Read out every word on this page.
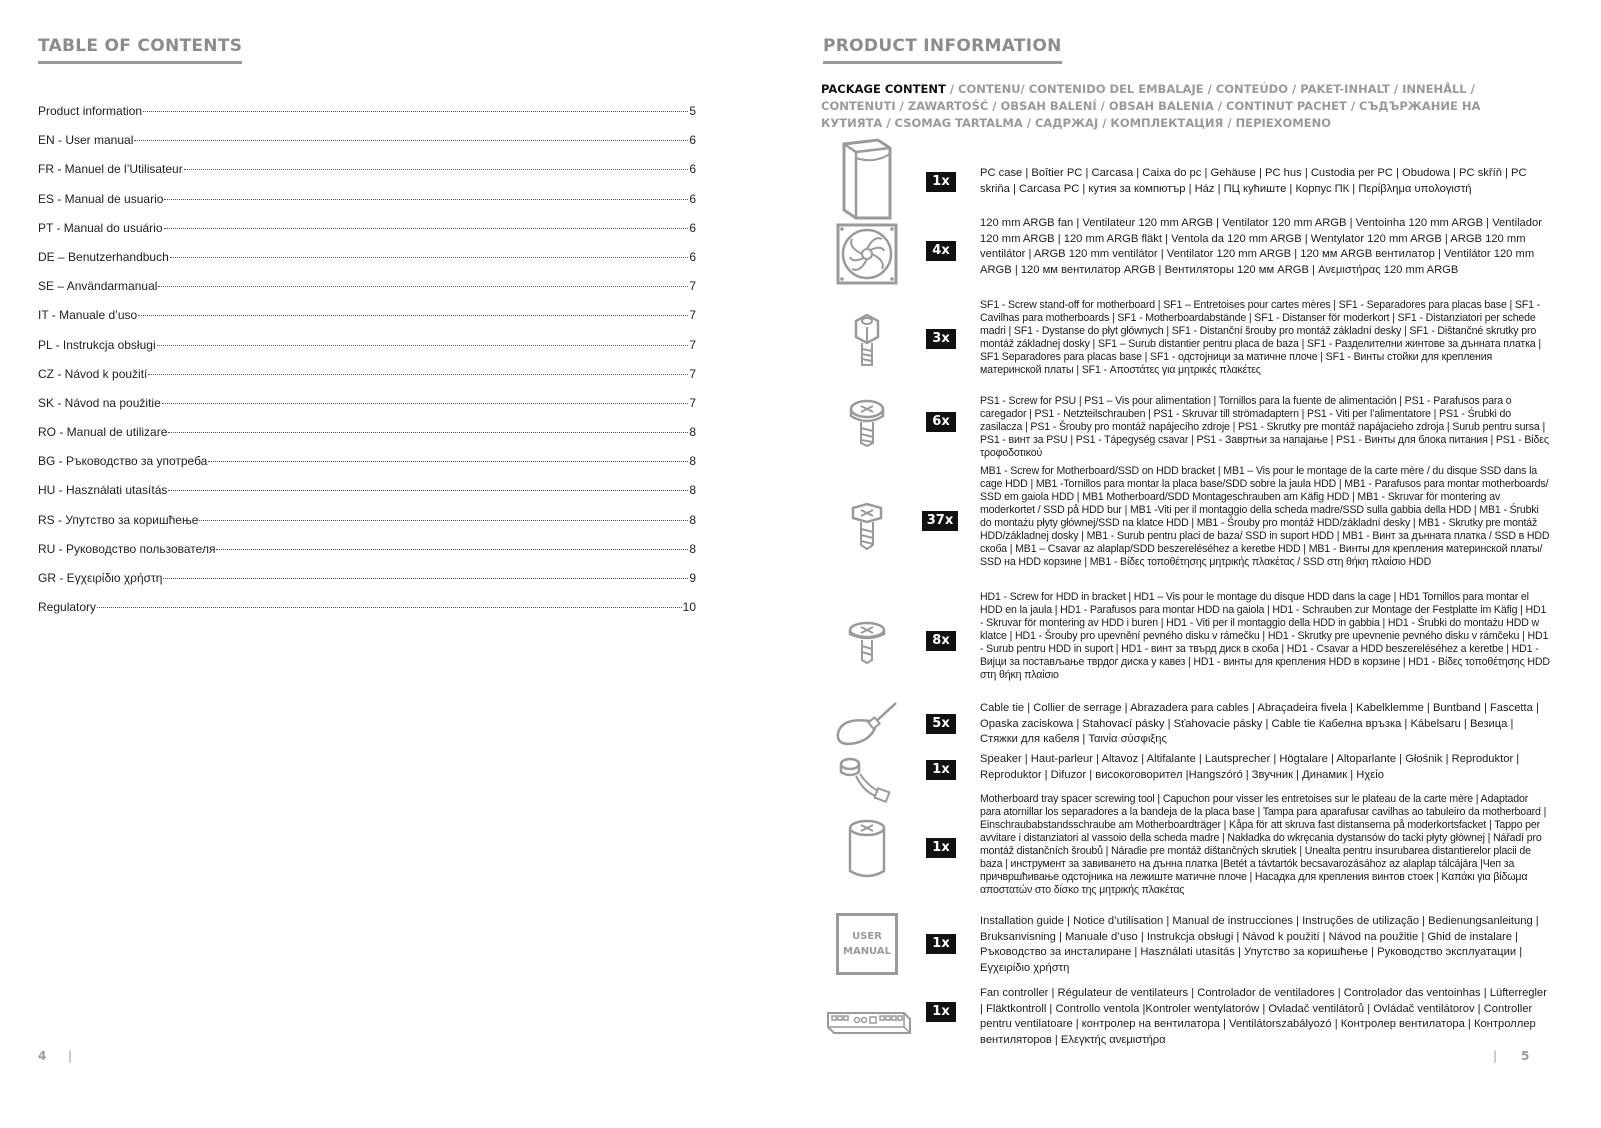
TABLE OF CONTENTS
Product information	5
EN - User manual	6
FR - Manuel de l’Utilisateur	6
ES - Manual de usuario	6
PT - Manual do usuário	6
DE – Benutzerhandbuch	6
SE – Användarmanual	7
IT - Manuale d’uso	7
PL - Instrukcja obsługi	7
CZ - Návod k použití	7
SK - Návod na použitie	7
RO - Manual de utilizare	8
BG - Ръководство за употреба	8
HU - Használati utasítás	8
RS - Упутство за коришћење	8
RU - Руководство пользователя	8
GR - Εγχειρίδιο χρήστη	9
Regulatory	10
4 |
PRODUCT INFORMATION

PACKAGE CONTENT / CONTENU/ CONTENIDO DEL EMBALAJE / CONTEÚDO / PAKET-INHALT / INNEHÅLL / CONTENUTI / ZAWARTOŚĆ / OBSAH BALENÍ / OBSAH BALENIA / CONTINUT PACHET / СЪДЪРЖАНИЕ НА КУТИЯТА / CSOMAG TARTALMA / САДРЖАЈ / КОМПЛЕКТАЦИЯ / ΠΕΡΙΕΧΟΜΕΝΟ

1x

PC case | Boîtier PC | Carcasa | Caixa do pc | Gehäuse | PC hus | Custodia per PC | Obudowa | PC skříň | PC skriňa | Carcasa PC | кутия за компютър | Ház | ПЦ кућиште | Корпус ПК | Περίβλημα υπολογιστή

4x

120 mm ARGB fan | Ventilateur 120 mm ARGB | Ventilator 120 mm ARGB | Ventoinha 120 mm ARGB | Ventilador 120 mm ARGB | 120 mm ARGB fläkt | Ventola da 120 mm ARGB | Wentylator 120 mm ARGB | ARGB 120 mm ventilátor | ARGB 120 mm ventilátor | Ventilator 120 mm ARGB | 120 мм ARGB вентилатор | Ventilátor 120 mm ARGB | 120 мм вентилатор ARGB | Вентиляторы 120 мм ARGB | Ανεμιστήρας 120 mm ARGB

3x

SF1 - Screw stand-off for motherboard | SF1 – Entretoises pour cartes mères | SF1 - Separadores para placas base | SF1 - Cavilhas para motherboards | SF1 - Motherboardabstände | SF1 - Distanser för moderkort | SF1 - Distanziatori per schede madri | SF1 - Dystanse do płyt głównych | SF1 - Distanční šrouby pro montáž základní desky | SF1 - Dištančné skrutky pro montáž základnej dosky | SF1 – Surub distantier pentru placa de baza | SF1 - Разделителни жинтове за дънната платка | SF1 Separadores para placas base | SF1 - одстојници за матичне плоче | SF1 - Винты стойки для крепления материнской платы | SF1 - Αποστάτες για μητρικές πλακέτες

6x

PS1 - Screw for PSU | PS1 – Vis pour alimentation | Tornillos para la fuente de alimentación | PS1 - Parafusos para o caregador | PS1 - Netzteilschrauben | PS1 - Skruvar till strömadaptern | PS1 - Viti per l’alimentatore | PS1 - Śrubki do zasilacza | PS1 - Šrouby pro montáž napájecího zdroje | PS1 - Skrutky pre montáž napájacieho zdroja | Surub pentru sursa | PS1 - винт за PSU | PS1 - Tápegység csavar | PS1 - Завртњи за напајање | PS1 - Винты для блока питания | PS1 - Βίδες τροφοδοτικού

37x

MB1 - Screw for Motherboard/SSD on HDD bracket | MB1 – Vis pour le montage de la carte mère / du disque SSD dans la cage HDD | MB1 -Tornillos para montar la placa base/SDD sobre la jaula HDD | MB1 - Parafusos para montar motherboards/ SSD em gaiola HDD | MB1 Motherboard/SDD Montageschrauben am Käfig HDD | MB1 - Skruvar för montering av moderkortet / SSD på HDD bur | MB1 -Viti per il montaggio della scheda madre/SSD sulla gabbia della HDD | MB1 - Śrubki do montażu płyty głównej/SSD na klatce HDD | MB1 - Šrouby pro montáž HDD/základní desky | MB1 - Skrutky pre montáž HDD/základnej dosky | MB1 - Surub pentru placi de baza/ SSD in suport HDD | MB1 - Винт за дънната платка / SSD в HDD скоба | MB1 – Csavar az alaplap/SDD beszereléséhez a keretbe HDD | MB1 - Винты для крепления материнской платы/ SSD на HDD корзине | MB1 - Βίδες τοποθέτησης μητρικής πλακέτας / SSD στη θήκη πλαίσιο HDD

8x

HD1 - Screw for HDD in bracket | HD1 – Vis pour le montage du disque HDD dans la cage | HD1 Tornillos para montar el HDD en la jaula | HD1 - Parafusos para montar HDD na gaiola | HD1 - Schrauben zur Montage der Festplatte im Käfig | HD1 - Skruvar för montering av HDD i buren | HD1 - Viti per il montaggio della HDD in gabbia | HD1 - Śrubki do montażu HDD w klatce | HD1 - Šrouby pro upevnění pevného disku v rámečku | HD1 - Skrutky pre upevnenie pevného disku v rámčeku | HD1 - Surub pentru HDD in suport | HD1 - винт за твърд диск в скоба | HD1 - Csavar a HDD beszereléséhez a keretbe | HD1 - Вијци за постављање тврдог диска у кавез | HD1 - винты для крепления HDD в корзине | HD1 - Βίδες τοποθέτησης HDD στη θήκη πλαίσιο

5x

Cable tie | Collier de serrage | Abrazadera para cables | Abraçadeira fivela | Kabelklemme | Buntband | Fascetta | Opaska zaciskowa | Stahovací pásky | Sťahovacie pásky | Cable tie Кабелна връзка | Kábelsaru | Везица | Стяжки для кабеля | Ταινία σύσφιξης

1x

Speaker | Haut-parleur | Altavoz | Altifalante | Lautsprecher | Högtalare | Altoparlante | Głośnik | Reproduktor | Reproduktor | Difuzor | високоговорител |Hangszóró | Звучник | Динамик | Ηχείο

1x

Motherboard tray spacer screwing tool | Capuchon pour visser les entretoises sur le plateau de la carte mère | Adaptador para atornillar los separadores a la bandeja de la placa base | Tampa para aparafusar cavilhas ao tabuleiro da motherboard | Einschraubabstandsschraube am Motherboardträger | Kåpa för att skruva fast distanserna på moderkortsfacket | Tappo per avvitare i distanziatori al vassoio della scheda madre | Nakładka do wkręcania dystansów do tacki płyty głównej | Nářadí pro montáž distančních šroubů | Náradie pre montáž dištančných skrutiek | Unealta pentru insurubarea distantierelor placii de baza | инструмент за завиването на дънна платка |Betét a távtartók becsavarozásához az alaplap tálcájára |Чеп за причвршћивање одстојника на лежиште матичне плоче | Насадка для крепления винтов стоек | Καπάκι για βίδωμα αποστατών στο δίσκο της μητρικής πλακέτας

USER
MANUAL
1x

Installation guide | Notice d’utilisation | Manual de instrucciones | Instruções de utilização | Bedienungsanleitung | Bruksanvisning | Manuale d’uso | Instrukcja obsługi | Návod k použití | Návod na použitie | Ghid de instalare | Ръководство за инсталиране | Használati utasítás | Упутство за коришћење | Руководство эксплуатации | Εγχειρίδιο χρήστη

1x

Fan controller | Régulateur de ventilateurs | Controlador de ventiladores | Controlador das ventoinhas | Lüfterregler | Fläktkontroll | Controllo ventola |Kontroler wentylatorów | Ovladač ventilátorů | Ovládač ventilátorov | Controller pentru ventilatoare | контролер на вентилатора | Ventilátorszabályozó | Контролер вентилатора | Контроллер вентиляторов | Ελεγκτής ανεμιστήρα

| 5
